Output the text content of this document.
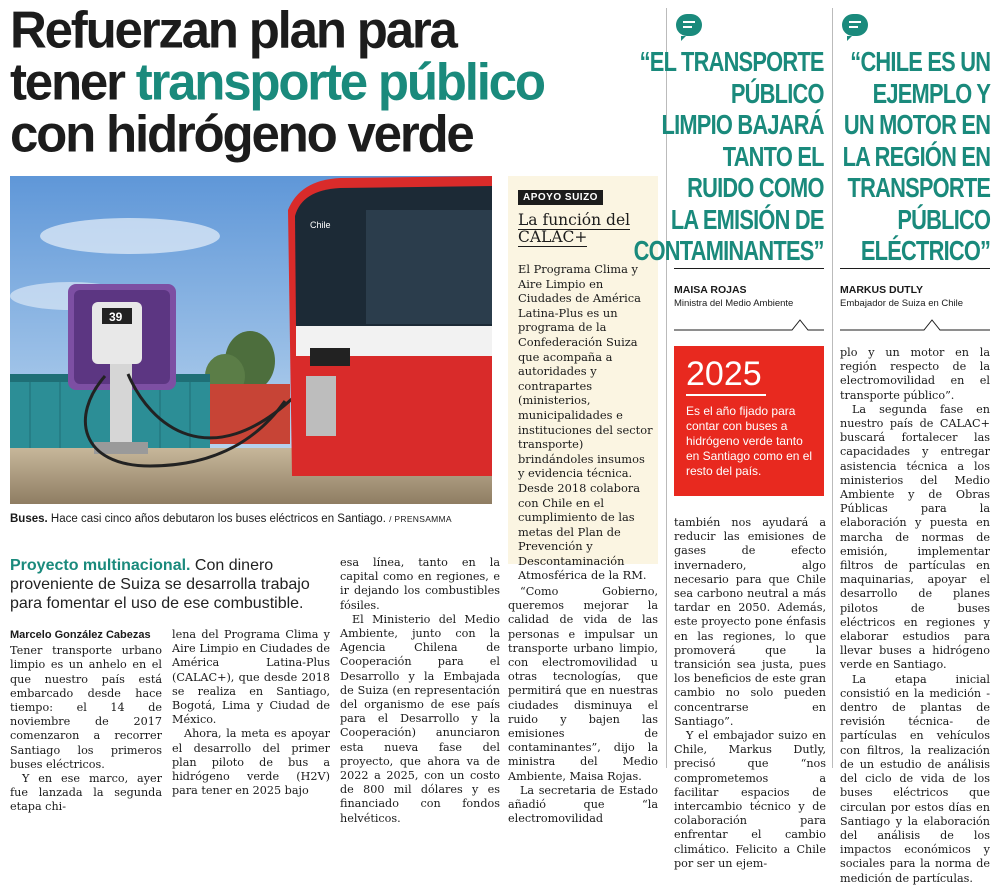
Refuerzan plan para
tener transporte público
con hidrógeno verde
39
Chile
Buses. Hace casi cinco años debutaron los buses eléctricos en Santiago. / PRENSAMMA
APOYO SUIZO
La función del
CALAC+
El Programa Clima y Aire Limpio en Ciudades de América Latina-Plus es un programa de la Confederación Suiza que acompaña a autoridades y contrapartes (ministerios, municipalidades e instituciones del sector transporte) brindándoles insumos y evidencia técnica. Desde 2018 colabora con Chile en el cumplimiento de las metas del Plan de Prevención y Descontaminación Atmosférica de la RM.
Proyecto multinacional. Con dinero proveniente de Suiza se desarrolla trabajo para fomentar el uso de ese combustible.

Marcelo González Cabezas

Tener transporte urbano limpio es un anhelo en el que nuestro país está embarcado desde hace tiempo: el 14 de noviembre de 2017 comenzaron a recorrer Santiago los primeros buses eléctricos.

Y en ese marco, ayer fue lanzada la segunda etapa chi-

lena del Programa Clima y Aire Limpio en Ciudades de América Latina-Plus (CALAC+), que desde 2018 se realiza en Santiago, Bogotá, Lima y Ciudad de México.

Ahora, la meta es apoyar el desarrollo del primer plan piloto de bus a hidrógeno verde (H2V) para tener en 2025 bajo

esa línea, tanto en la capital como en regiones, e ir dejando los combustibles fósiles.

El Ministerio del Medio Ambiente, junto con la Agencia Chilena de Cooperación para el Desarrollo y la Embajada de Suiza (en representación del organismo de ese país para el Desarrollo y la Cooperación) anunciaron esta nueva fase del proyecto, que ahora va de 2022 a 2025, con un costo de 800 mil dólares y es financiado con fondos helvéticos.

“Como Gobierno, queremos mejorar la calidad de vida de las personas e impulsar un transporte urbano limpio, con electromovilidad u otras tecnologías, que permitirá que en nuestras ciudades disminuya el ruido y bajen las emisiones de contaminantes”, dijo la ministra del Medio Ambiente, Maisa Rojas.

La secretaria de Estado añadió que “la electromovilidad

“EL TRANSPORTE
PÚBLICO
LIMPIO BAJARÁ
TANTO EL
RUIDO COMO
LA EMISIÓN DE
CONTAMINANTES”
MAISA ROJAS
Ministra del Medio Ambiente
“CHILE ES UN
EJEMPLO Y
UN MOTOR EN
LA REGIÓN EN
TRANSPORTE
PÚBLICO
ELÉCTRICO”
MARKUS DUTLY
Embajador de Suiza en Chile
2025
Es el año fijado para contar con buses a hidrógeno verde tanto en Santiago como en el resto del país.

también nos ayudará a reducir las emisiones de gases de efecto invernadero, algo necesario para que Chile sea carbono neutral a más tardar en 2050. Además, este proyecto pone énfasis en las regiones, lo que promoverá que la transición sea justa, pues los beneficios de este gran cambio no solo pueden concentrarse en Santiago”.

Y el embajador suizo en Chile, Markus Dutly, precisó que “nos comprometemos a facilitar espacios de intercambio técnico y de colaboración para enfrentar el cambio climático. Felicito a Chile por ser un ejem-

plo y un motor en la región respecto de la electromovilidad en el transporte público”.

La segunda fase en nuestro país de CALAC+ buscará fortalecer las capacidades y entregar asistencia técnica a los ministerios del Medio Ambiente y de Obras Públicas para la elaboración y puesta en marcha de normas de emisión, implementar filtros de partículas en maquinarias, apoyar el desarrollo de planes pilotos de buses eléctricos en regiones y elaborar estudios para llevar buses a hidrógeno verde en Santiago.

La etapa inicial consistió en la medición -dentro de plantas de revisión técnica- de partículas en vehículos con filtros, la realización de un estudio de análisis del ciclo de vida de los buses eléctricos que circulan por estos días en Santiago y la elaboración del análisis de los impactos económicos y sociales para la norma de medición de partículas.
